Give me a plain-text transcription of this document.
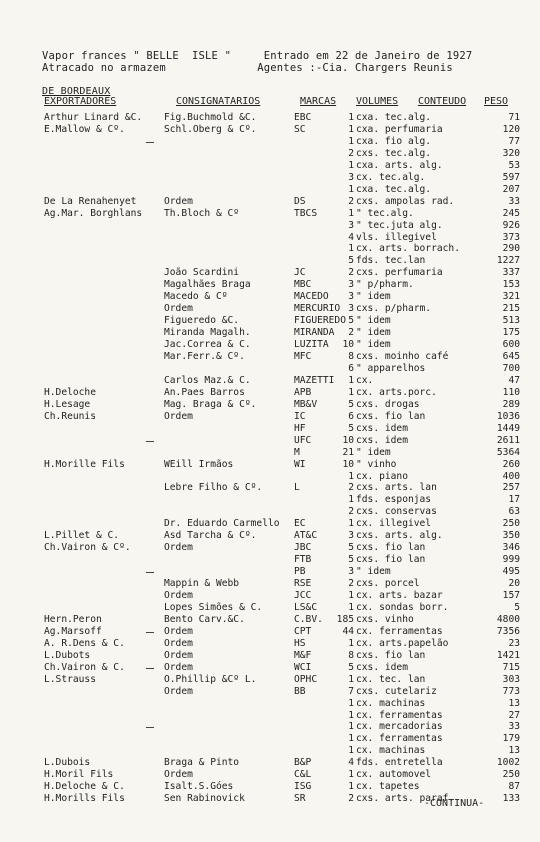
Vapor frances " BELLE  ISLE "     Entrado em 22 de Janeiro de 1927
Atracado no armazem              Agentes :-Cia. Chargers Reunis
DE BORDEAUX
EXPORTADORES	CONSIGNATARIOS	MARCAS VOLUMES CONTEUDO PESO
Arthur Linard &C.	Fig.Buchmold &C.	EBC	1 cxa. tec.alg.	71
E.Mallow & Cº.	Schl.Oberg & Cº.	SC	1 cxa. perfumaria	120
1 cxa. fio alg.	77
2 cxs. tec.alg.	320
1 cxa. arts. alg.	53
3 cx. tec.alg.	597
1 cxa. tec.alg.	207
De La Renahenyet	Ordem	DS	2 cxs. ampolas rad.	33
Ag.Mar. Borghlans	Th.Bloch & Cº	TBCS	1 " tec.alg.	245
3 " tec.juta alg.	926
4 vls. illegivel	373
1 cx. arts. borrach.	290
5 fds. tec.lan	1227
João Scardini	JC	2 cxs. perfumaria	337
Magalhães Braga	MBC	3 " p/pharm.	153
Macedo & Cº	MACEDO	3 " idem	321
Ordem	MERCURIO 3 cxs. p/pharm.	215
Figueredo &C.	FIGUEREDO 5 " idem	513
Miranda Magalh.	MIRANDA	2 " idem	175
Jac.Correa & C.	LUZITA	10 " idem	600
Mar.Ferr.& Cº.	MFC	8 cxs. moinho café	645
6 " apparelhos	700
Carlos Maz.& C.	MAZETTI	1 cx.	47
H.Deloche	An.Paes Barros	APB	1 cx. arts.porc.	110
H.Lesage	Mag. Braga & Cº.	MB&V	5 cxs. drogas	289
Ch.Reunis	Ordem	IC	6 cxs. fio lan	1036
HF	5 cxs. idem	1449
UFC	10 cxs. idem	2611
M	21 " idem	5364
H.Morille Fils	WEill Irmãos	WI	10 " vinho	260
1 cx. piano	400
Lebre Filho & Cº.	L	2 cxs. arts. lan	257
1 fds. esponjas	17
2 cxs. conservas	63
Dr. Eduardo Carmello	EC	1 cx. illegivel	250
L.Pillet & C.	Asd Tarcha & Cº.	AT&C	3 cxs. arts. alg.	350
Ch.Vairon & Cº.	Ordem	JBC	5 cxs. fio lan	346
FTB	5 cxs. fio lan	999
PB	3 " idem	495
Mappin & Webb	RSE	2 cxs. porcel	20
Ordem	JCC	1 cx. arts. bazar	157
Lopes Simões & C.	LS&C	1 cx. sondas borr.	5
Hern.Peron	Bento Carv.&C.	C.BV.	185 cxs. vinho	4800
Ag.Marsoff	Ordem	CPT	44 cx. ferramentas	7356
A. R.Dens & C.	Ordem	HS	1 cx. arts.papelão	23
L.Dubots	Ordem	M&F	8 cxs. fio lan	1421
Ch.Vairon & C.	Ordem	WCI	5 cxs. idem	715
L.Strauss	O.Phillip &Cº L.	OPHC	1 cx. tec. lan	303
Ordem	BB	7 cxs. cutelariz	773
1 cx. machinas	13
1 cx. ferramentas	27
1 cx. mercadorias	33
1 cx. ferramentas	179
1 cx. machinas	13
L.Dubois	Braga & Pinto	B&P	4 fds. entretella	1002
H.Moril Fils	Ordem	C&L	1 cx. automovel	250
H.Deloche & C.	Isalt.S.Góes	ISG	1 cx. tapetes	87
H.Morills Fils	Sen Rabinovick	SR	2 cxs. arts. paraf.	133
-CONTINUA-
